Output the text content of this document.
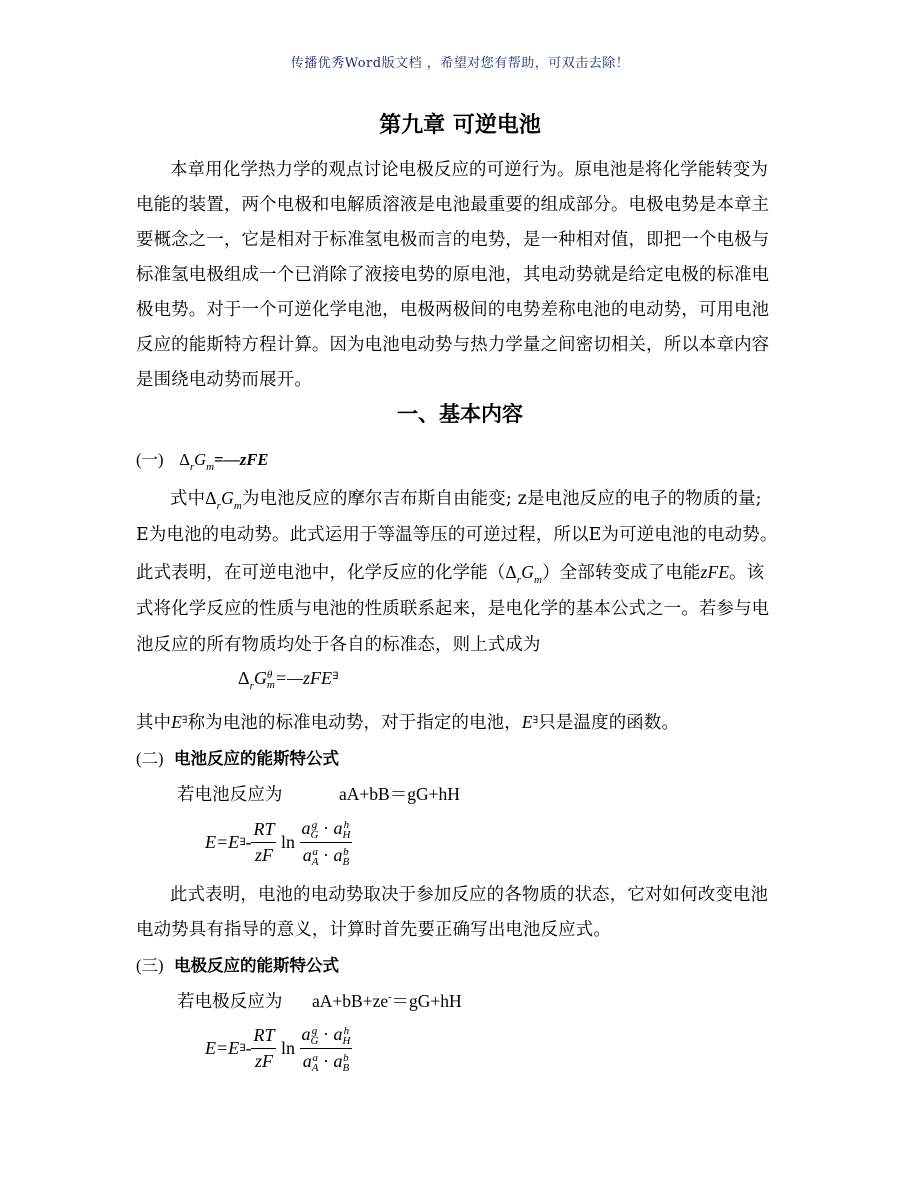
传播优秀Word版文档 ，希望对您有帮助，可双击去除！
第九章 可逆电池
本章用化学热力学的观点讨论电极反应的可逆行为。原电池是将化学能转变为
电能的装置，两个电极和电解质溶液是电池最重要的组成部分。电极电势是本章主
要概念之一，它是相对于标准氢电极而言的电势，是一种相对值，即把一个电极与
标准氢电极组成一个已消除了液接电势的原电池，其电动势就是给定电极的标准电
极电势。对于一个可逆化学电池，电极两极间的电势差称电池的电动势，可用电池
反应的能斯特方程计算。因为电池电动势与热力学量之间密切相关，所以本章内容
是围绕电动势而展开。
一、基本内容
(一) $\Delta_rG_m=—zFE$
式中$\Delta_rG_m$为电池反应的摩尔吉布斯自由能变; z是电池反应的电子的物质的量;
E为电池的电动势。此式运用于等温等压的可逆过程，所以E为可逆电池的电动势。
此式表明，在可逆电池中，化学反应的化学能$(\Delta_rG_m)$全部转变成了电能zFE。该
式将化学反应的性质与电池的性质联系起来，是电化学的基本公式之一。若参与电
池反应的所有物质均处于各自的标准态，则上式成为
$\Delta_rG$ θ
m =—zFE∃
其中E∃称为电池的标准电动势，对于指定的电池，E∃只是温度的函数。
(二) 电池反应的能斯特公式
若电池反应为	aA+bB＝gG+hH
E=E ∃ - $\frac{RT}{zF}$
ln
a g
G · a h
H
a a
A · a b
B
此式表明，电池的电动势取决于参加反应的各物质的状态，它对如何改变电池
电动势具有指导的意义，计算时首先要正确写出电池反应式。
(三) 电极反应的能斯特公式
若电极反应为 aA+bB+ze-＝gG+hH
E=E ∃ - $\frac{RT}{zF}$
ln
a g
G · a h
H
a a
A · a b
B
